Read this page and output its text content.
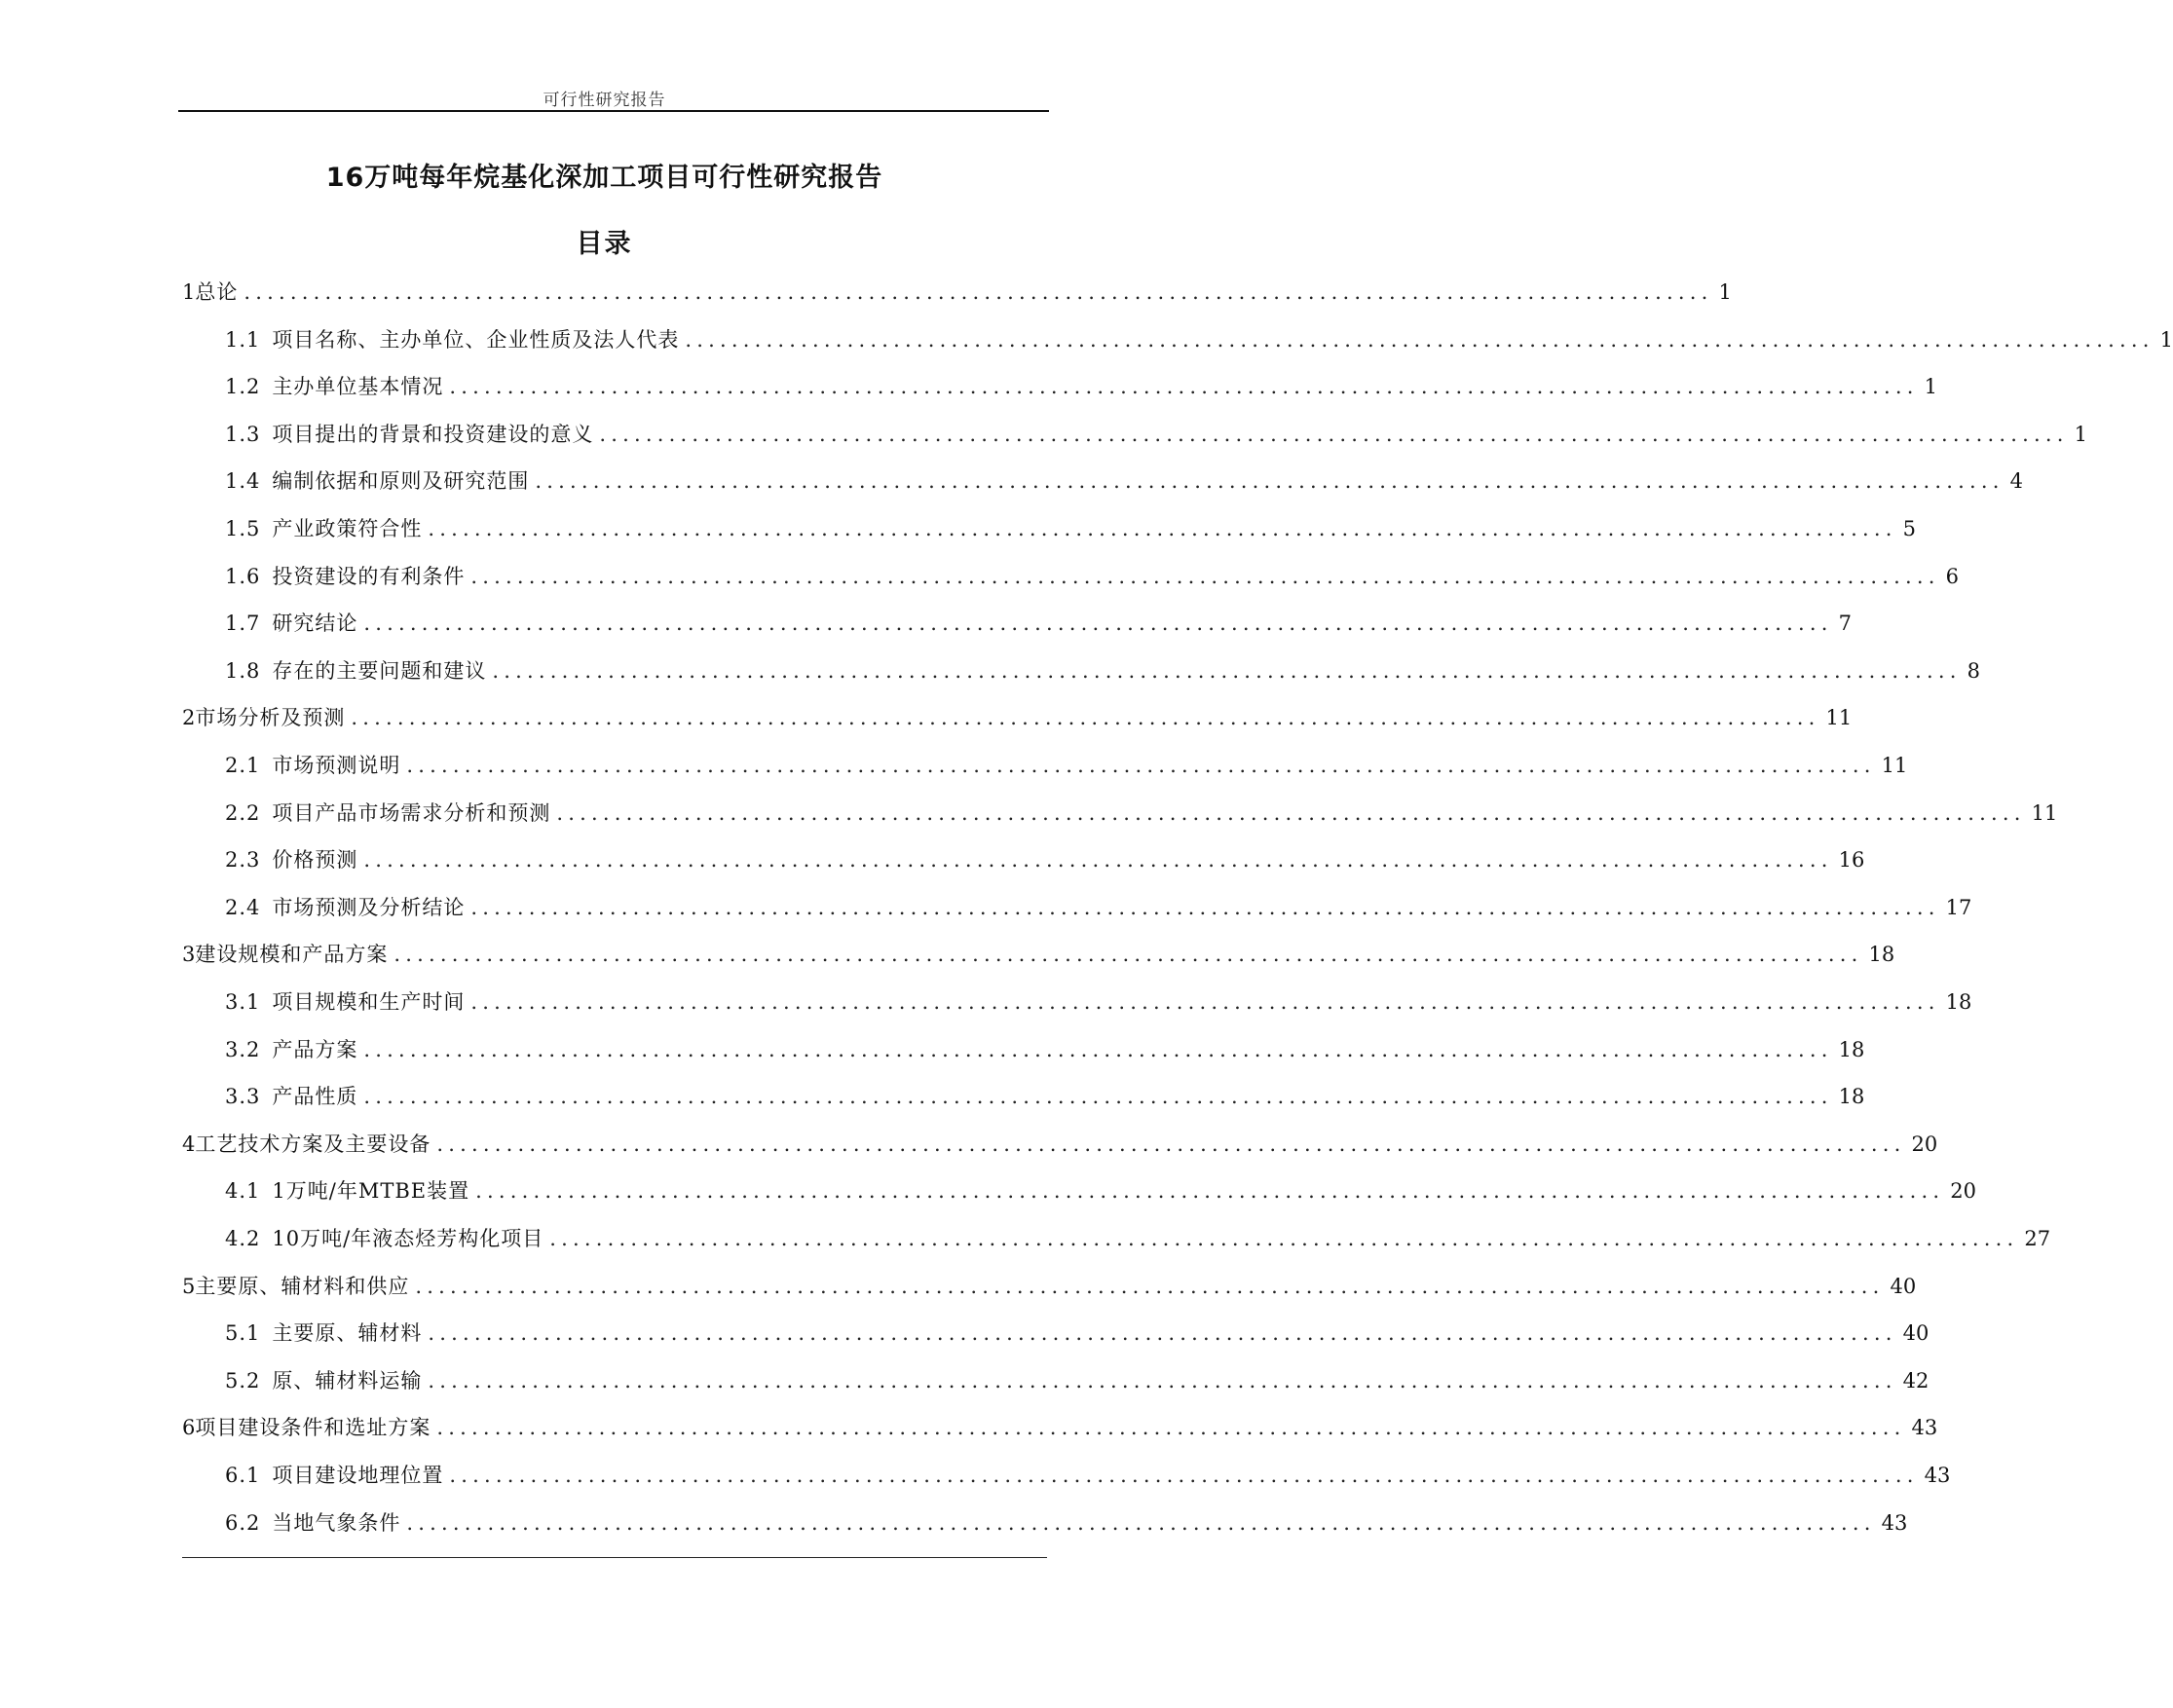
可行性研究报告
16万吨每年烷基化深加工项目可行性研究报告
目录
1 总论 ............................................................................................................................... 1
1.1 项目名称、主办单位、企业性质及法人代表 ............................................................................................................................... 1
1.2 主办单位基本情况 ............................................................................................................................... 1
1.3 项目提出的背景和投资建设的意义 ............................................................................................................................... 1
1.4 编制依据和原则及研究范围 ............................................................................................................................... 4
1.5 产业政策符合性 ............................................................................................................................... 5
1.6 投资建设的有利条件 ............................................................................................................................... 6
1.7 研究结论 ............................................................................................................................... 7
1.8 存在的主要问题和建议 ............................................................................................................................... 8
2 市场分析及预测 ............................................................................................................................... 11
2.1 市场预测说明 ............................................................................................................................... 11
2.2 项目产品市场需求分析和预测 ............................................................................................................................... 11
2.3 价格预测 ............................................................................................................................... 16
2.4 市场预测及分析结论 ............................................................................................................................... 17
3 建设规模和产品方案 ............................................................................................................................... 18
3.1 项目规模和生产时间 ............................................................................................................................... 18
3.2 产品方案 ............................................................................................................................... 18
3.3 产品性质 ............................................................................................................................... 18
4 工艺技术方案及主要设备 ............................................................................................................................... 20
4.1 1万吨/年MTBE装置 ............................................................................................................................... 20
4.2 10万吨/年液态烃芳构化项目 ............................................................................................................................... 27
5 主要原、辅材料和供应 ............................................................................................................................... 40
5.1 主要原、辅材料 ............................................................................................................................... 40
5.2 原、辅材料运输 ............................................................................................................................... 42
6 项目建设条件和选址方案 ............................................................................................................................... 43
6.1 项目建设地理位置 ............................................................................................................................... 43
6.2 当地气象条件 ............................................................................................................................... 43
